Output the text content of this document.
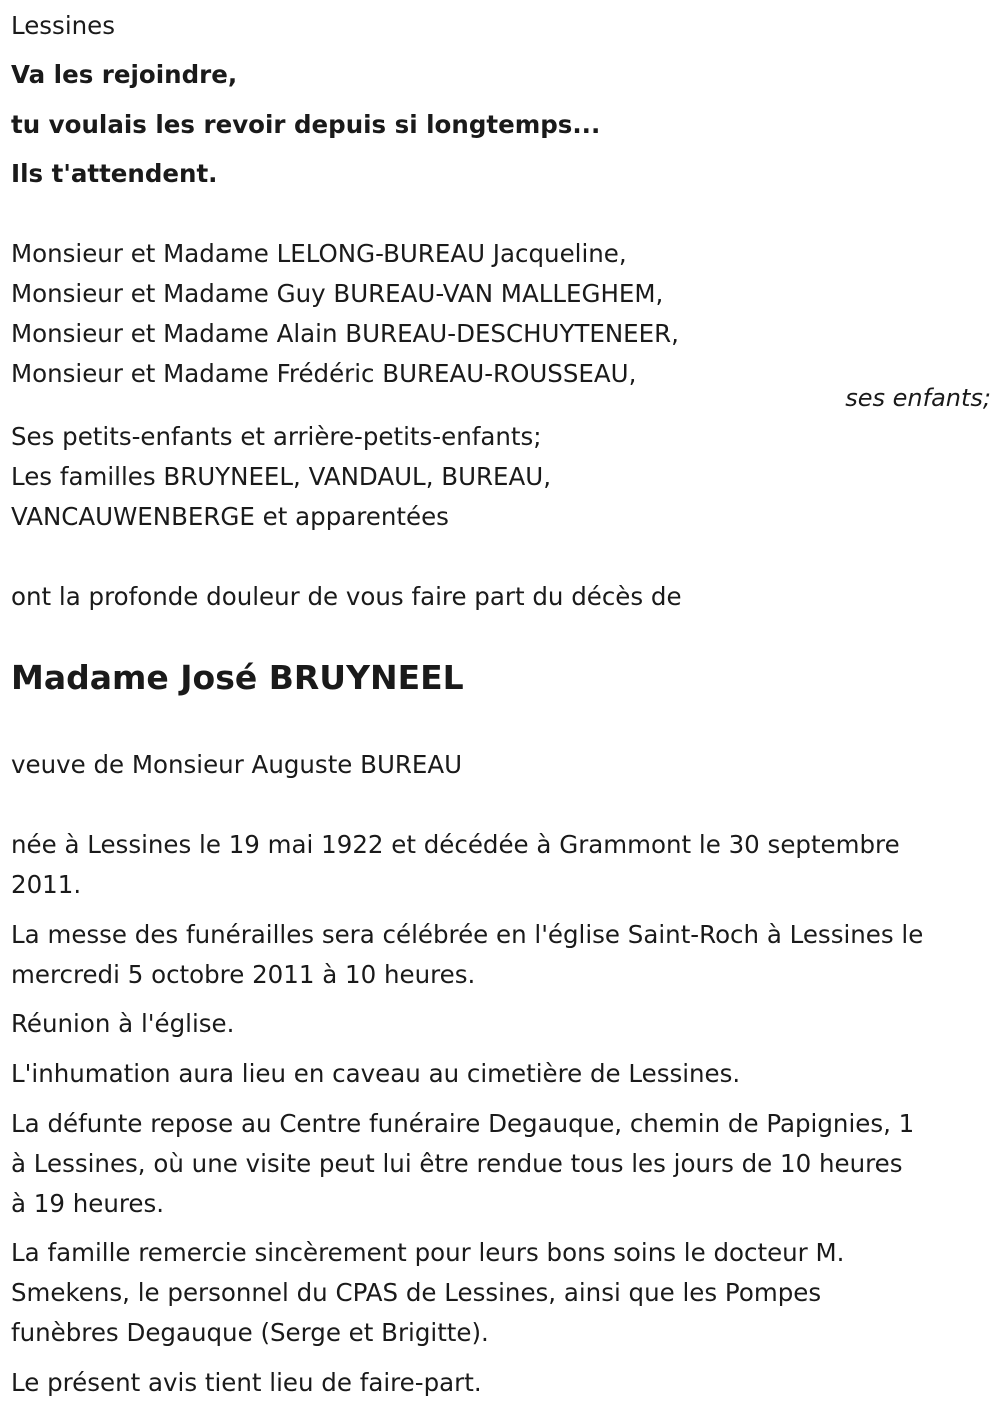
Lessines
Va les rejoindre,
tu voulais les revoir depuis si longtemps...
Ils t'attendent.
Monsieur et Madame LELONG-BUREAU Jacqueline,
Monsieur et Madame Guy BUREAU-VAN MALLEGHEM,
Monsieur et Madame Alain BUREAU-DESCHUYTENEER,
Monsieur et Madame Frédéric BUREAU-ROUSSEAU,
ses enfants;
Ses petits-enfants et arrière-petits-enfants;
Les familles BRUYNEEL, VANDAUL, BUREAU,
VANCAUWENBERGE et apparentées
ont la profonde douleur de vous faire part du décès de
Madame José BRUYNEEL
veuve de Monsieur Auguste BUREAU
née à Lessines le 19 mai 1922 et décédée à Grammont le 30 septembre
2011.
La messe des funérailles sera célébrée en l'église Saint-Roch à Lessines le
mercredi 5 octobre 2011 à 10 heures.
Réunion à l'église.
L'inhumation aura lieu en caveau au cimetière de Lessines.
La défunte repose au Centre funéraire Degauque, chemin de Papignies, 1
à Lessines, où une visite peut lui être rendue tous les jours de 10 heures
à 19 heures.
La famille remercie sincèrement pour leurs bons soins le docteur M.
Smekens, le personnel du CPAS de Lessines, ainsi que les Pompes
funèbres Degauque (Serge et Brigitte).
Le présent avis tient lieu de faire-part.
